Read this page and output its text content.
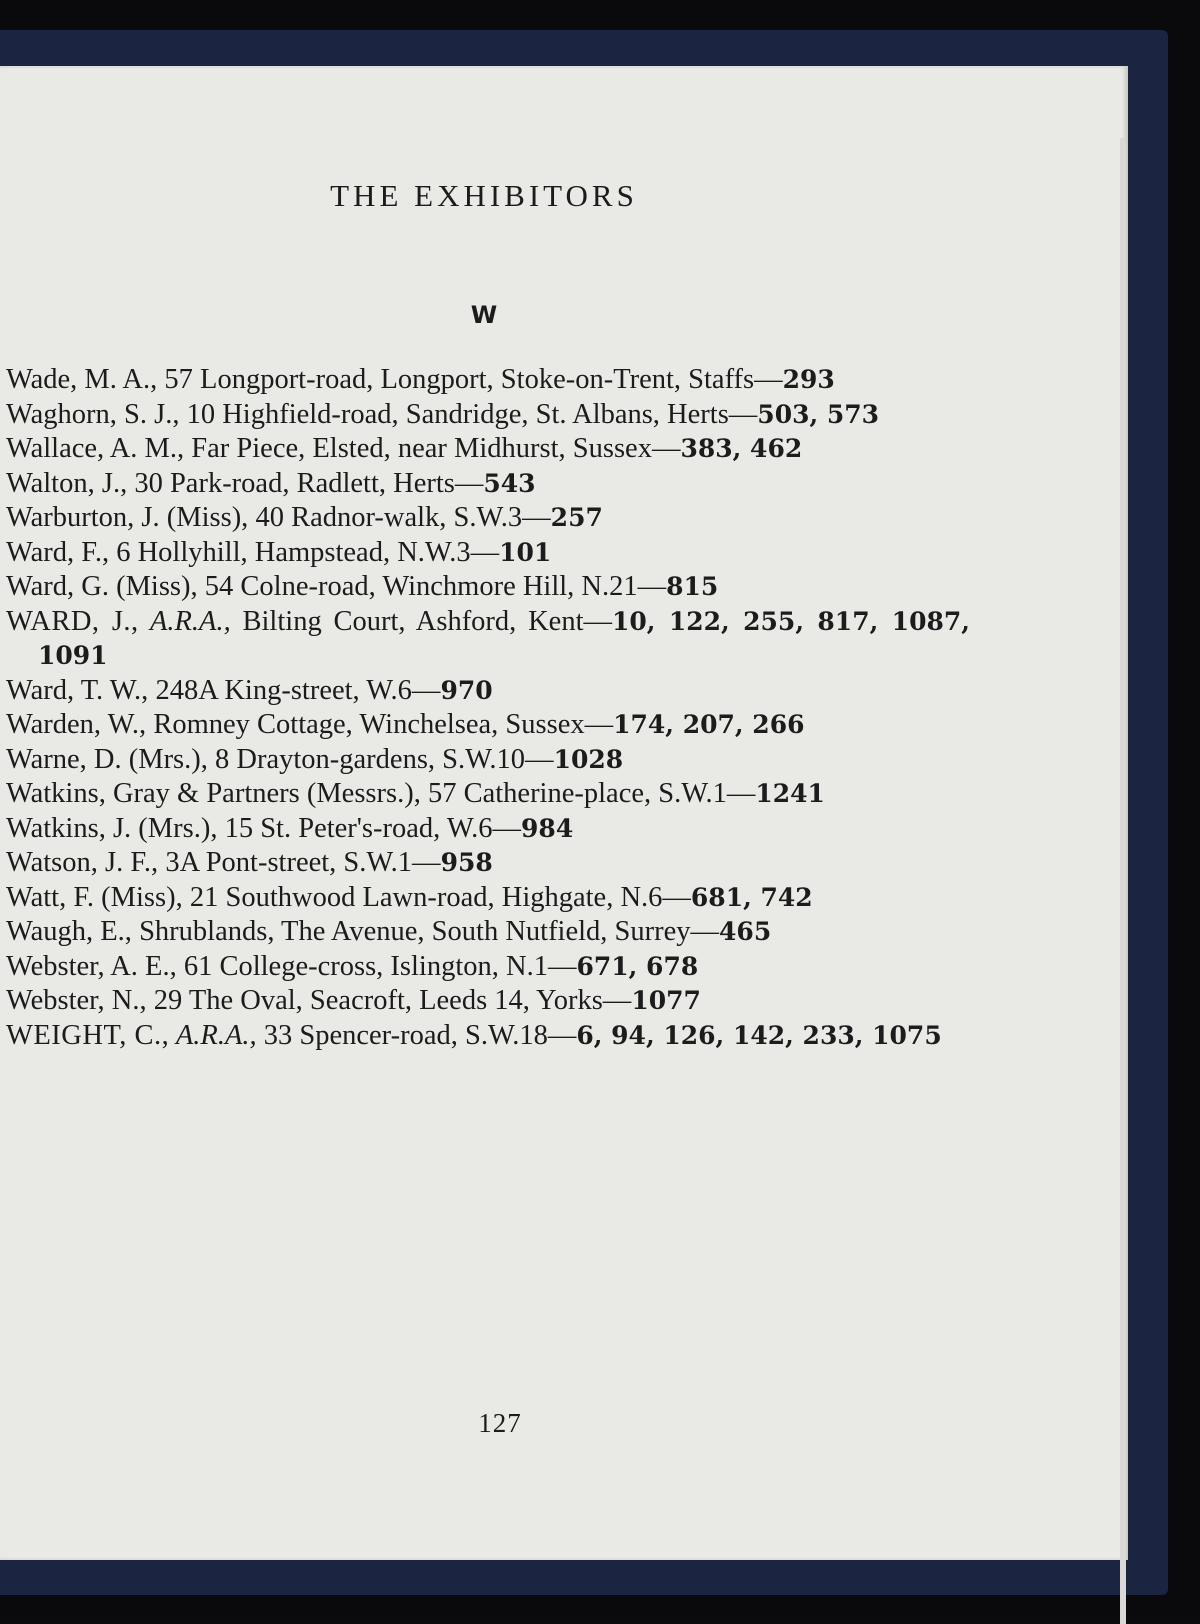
THE EXHIBITORS
W

Wade, M. A., 57 Longport-road, Longport, Stoke-on-Trent, Staffs—293

Waghorn, S. J., 10 Highfield-road, Sandridge, St. Albans, Herts—503, 573

Wallace, A. M., Far Piece, Elsted, near Midhurst, Sussex—383, 462

Walton, J., 30 Park-road, Radlett, Herts—543

Warburton, J. (Miss), 40 Radnor-walk, S.W.3—257

Ward, F., 6 Hollyhill, Hampstead, N.W.3—101

Ward, G. (Miss), 54 Colne-road, Winchmore Hill, N.21—815

WARD, J., A.R.A., Bilting Court, Ashford, Kent—10, 122, 255, 817, 1087, 1091

Ward, T. W., 248A King-street, W.6—970

Warden, W., Romney Cottage, Winchelsea, Sussex—174, 207, 266

Warne, D. (Mrs.), 8 Drayton-gardens, S.W.10—1028

Watkins, Gray & Partners (Messrs.), 57 Catherine-place, S.W.1—1241

Watkins, J. (Mrs.), 15 St. Peter's-road, W.6—984

Watson, J. F., 3A Pont-street, S.W.1—958

Watt, F. (Miss), 21 Southwood Lawn-road, Highgate, N.6—681, 742

Waugh, E., Shrublands, The Avenue, South Nutfield, Surrey—465

Webster, A. E., 61 College-cross, Islington, N.1—671, 678

Webster, N., 29 The Oval, Seacroft, Leeds 14, Yorks—1077

WEIGHT, C., A.R.A., 33 Spencer-road, S.W.18—6, 94, 126, 142, 233, 1075

127
